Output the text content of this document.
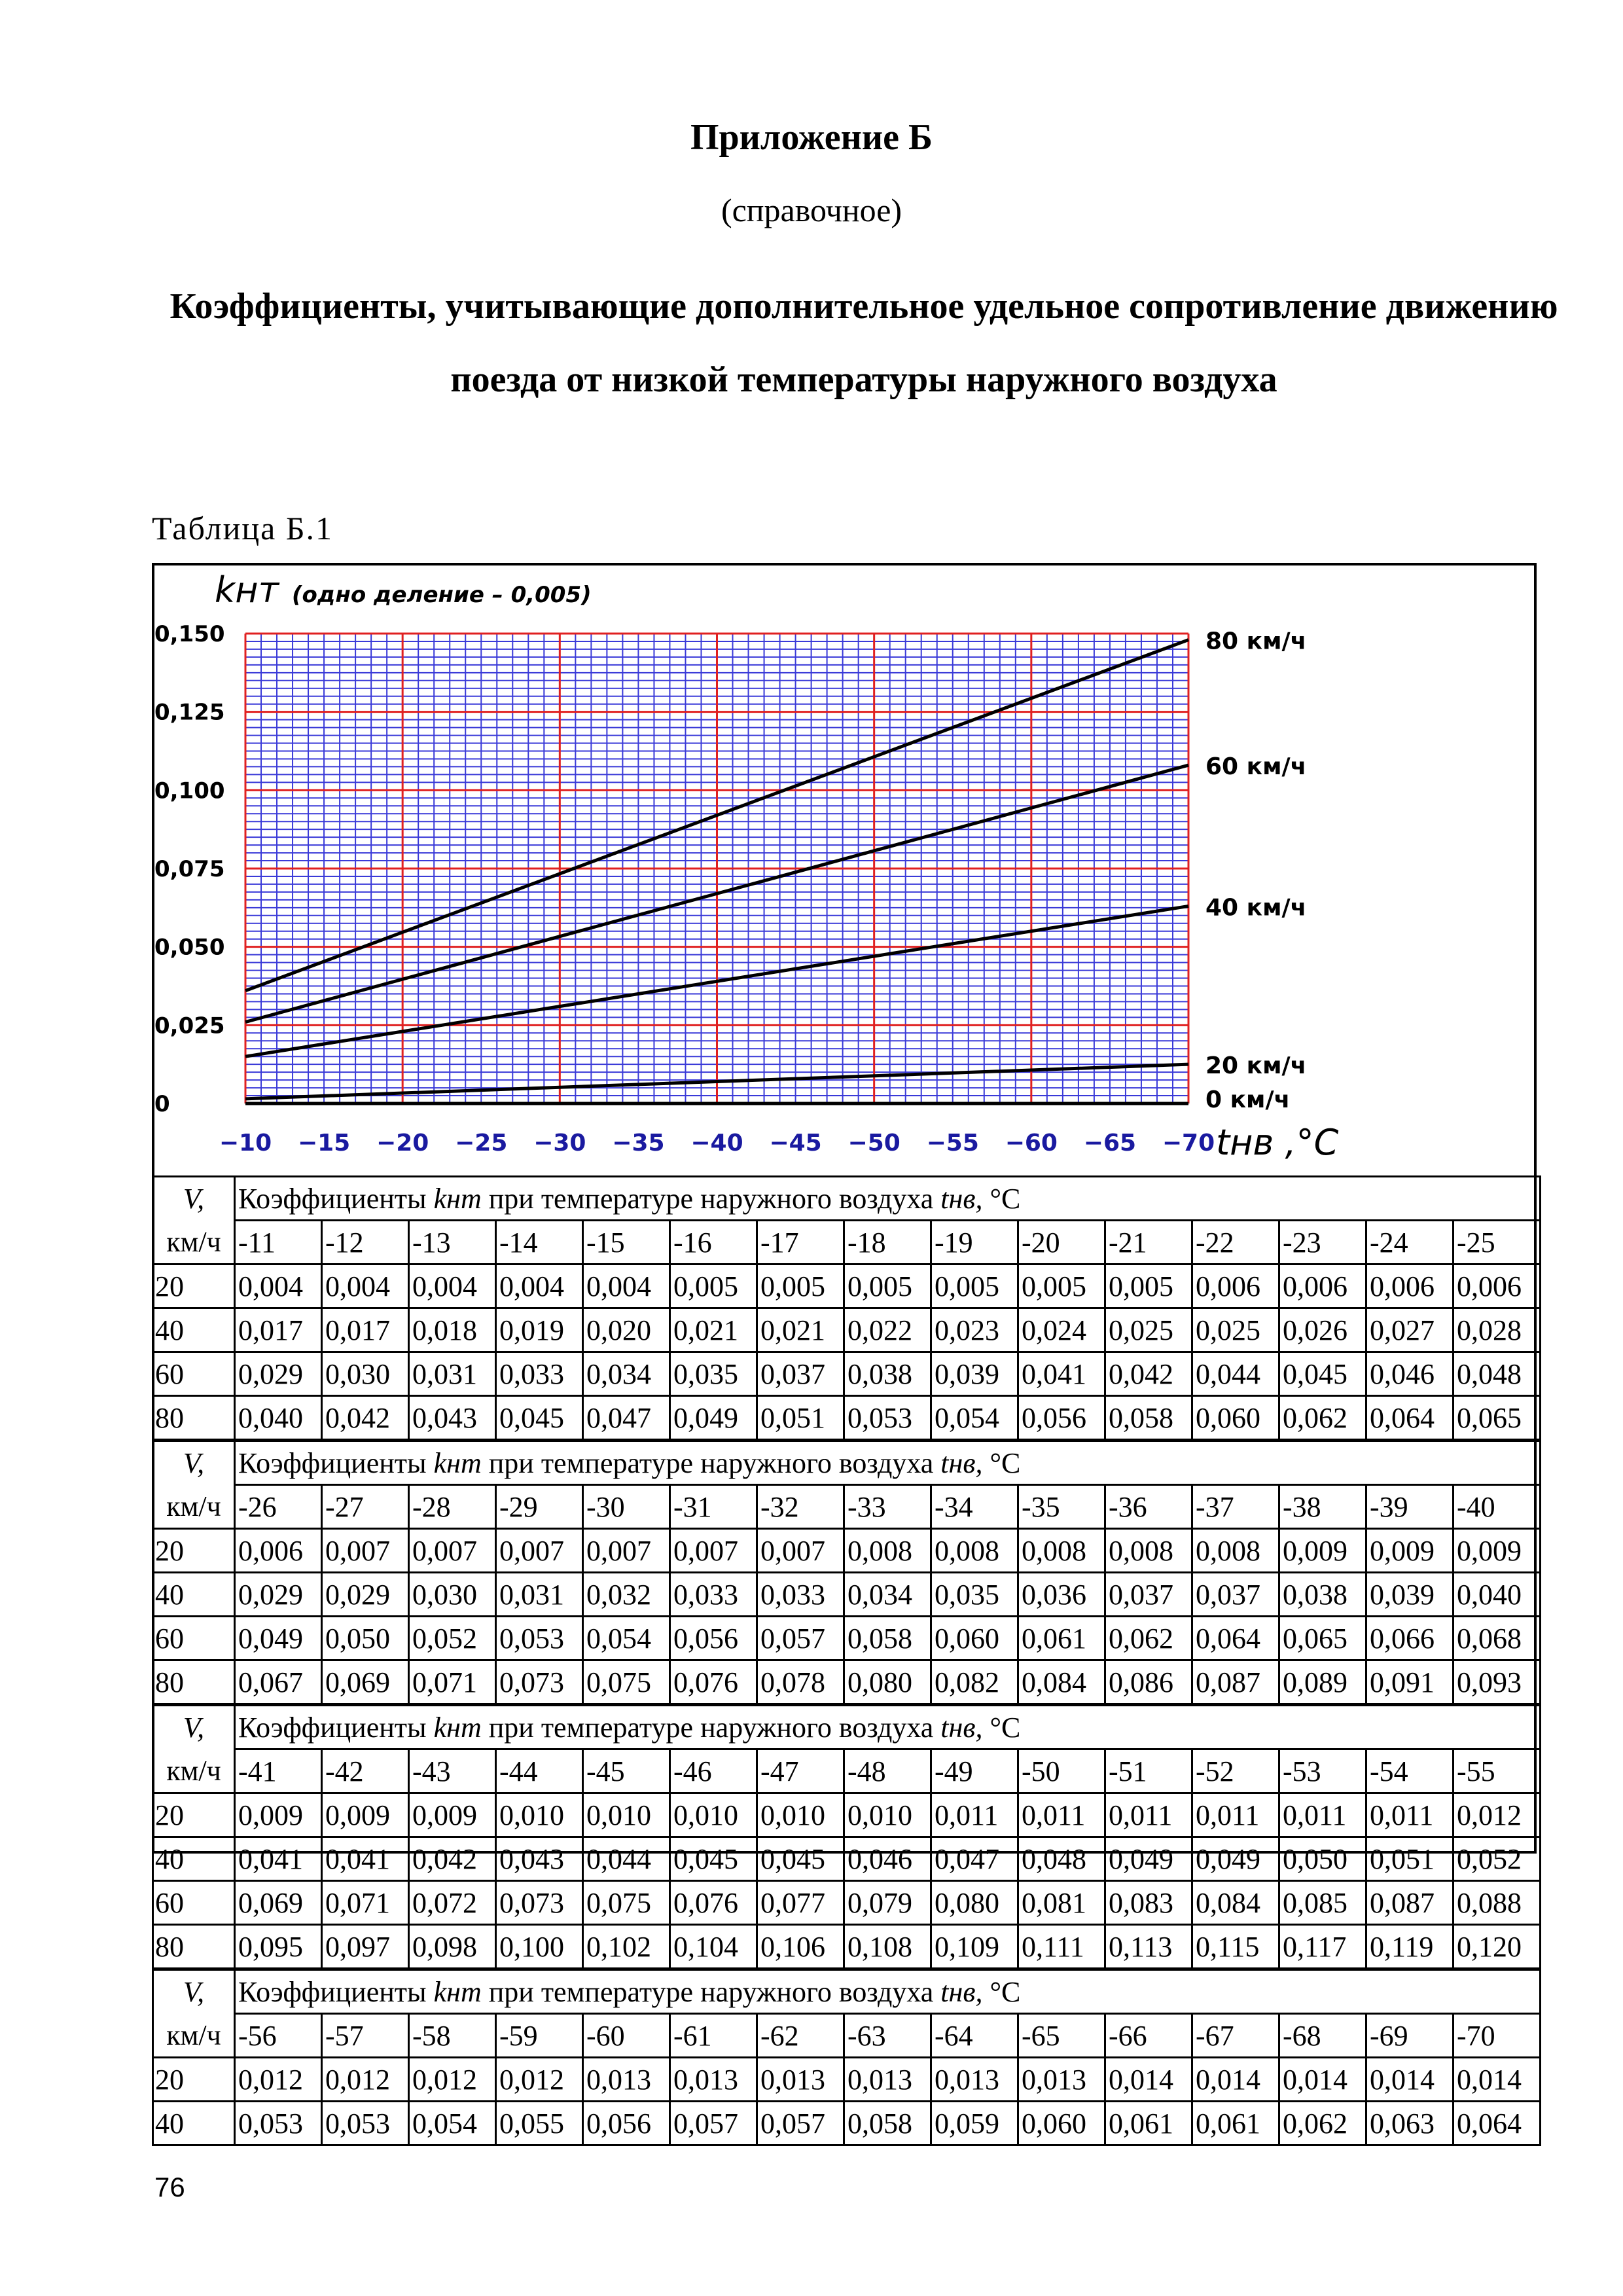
Приложение Б
(справочное)
Коэффициенты, учитывающие дополнительное удельное сопротивление движению поезда от низкой температуры наружного воздуха
Таблица Б.1
−10 −15 −20 −25 −30 −35 −40 −45 −50 −55 −60 −65 −70
0,150
0,125
0,100
0,075
0,050
0,025
0
kнт (одно деление – 0,005)
tнв ,°C
80 км/ч
60 км/ч
40 км/ч
20 км/ч
0 км/ч
V,	Коэффициенты kнт при температуре наружного воздуха tнв, °С														
км/ч	-11	-12	-13	-14	-15	-16	-17	-18	-19	-20	-21	-22	-23	-24	-25
20	0,004	0,004	0,004	0,004	0,004	0,005	0,005	0,005	0,005	0,005	0,005	0,006	0,006	0,006	0,006
40	0,017	0,017	0,018	0,019	0,020	0,021	0,021	0,022	0,023	0,024	0,025	0,025	0,026	0,027	0,028
60	0,029	0,030	0,031	0,033	0,034	0,035	0,037	0,038	0,039	0,041	0,042	0,044	0,045	0,046	0,048
80	0,040	0,042	0,043	0,045	0,047	0,049	0,051	0,053	0,054	0,056	0,058	0,060	0,062	0,064	0,065
V,	Коэффициенты kнт при температуре наружного воздуха tнв, °С														
км/ч	-26	-27	-28	-29	-30	-31	-32	-33	-34	-35	-36	-37	-38	-39	-40
20	0,006	0,007	0,007	0,007	0,007	0,007	0,007	0,008	0,008	0,008	0,008	0,008	0,009	0,009	0,009
40	0,029	0,029	0,030	0,031	0,032	0,033	0,033	0,034	0,035	0,036	0,037	0,037	0,038	0,039	0,040
60	0,049	0,050	0,052	0,053	0,054	0,056	0,057	0,058	0,060	0,061	0,062	0,064	0,065	0,066	0,068
80	0,067	0,069	0,071	0,073	0,075	0,076	0,078	0,080	0,082	0,084	0,086	0,087	0,089	0,091	0,093
V,	Коэффициенты kнт при температуре наружного воздуха tнв, °С														
км/ч	-41	-42	-43	-44	-45	-46	-47	-48	-49	-50	-51	-52	-53	-54	-55
20	0,009	0,009	0,009	0,010	0,010	0,010	0,010	0,010	0,011	0,011	0,011	0,011	0,011	0,011	0,012
40	0,041	0,041	0,042	0,043	0,044	0,045	0,045	0,046	0,047	0,048	0,049	0,049	0,050	0,051	0,052
60	0,069	0,071	0,072	0,073	0,075	0,076	0,077	0,079	0,080	0,081	0,083	0,084	0,085	0,087	0,088
80	0,095	0,097	0,098	0,100	0,102	0,104	0,106	0,108	0,109	0,111	0,113	0,115	0,117	0,119	0,120
V,	Коэффициенты kнт при температуре наружного воздуха tнв, °С														
км/ч	-56	-57	-58	-59	-60	-61	-62	-63	-64	-65	-66	-67	-68	-69	-70
20	0,012	0,012	0,012	0,012	0,013	0,013	0,013	0,013	0,013	0,013	0,014	0,014	0,014	0,014	0,014
40	0,053	0,053	0,054	0,055	0,056	0,057	0,057	0,058	0,059	0,060	0,061	0,061	0,062	0,063	0,064
76
